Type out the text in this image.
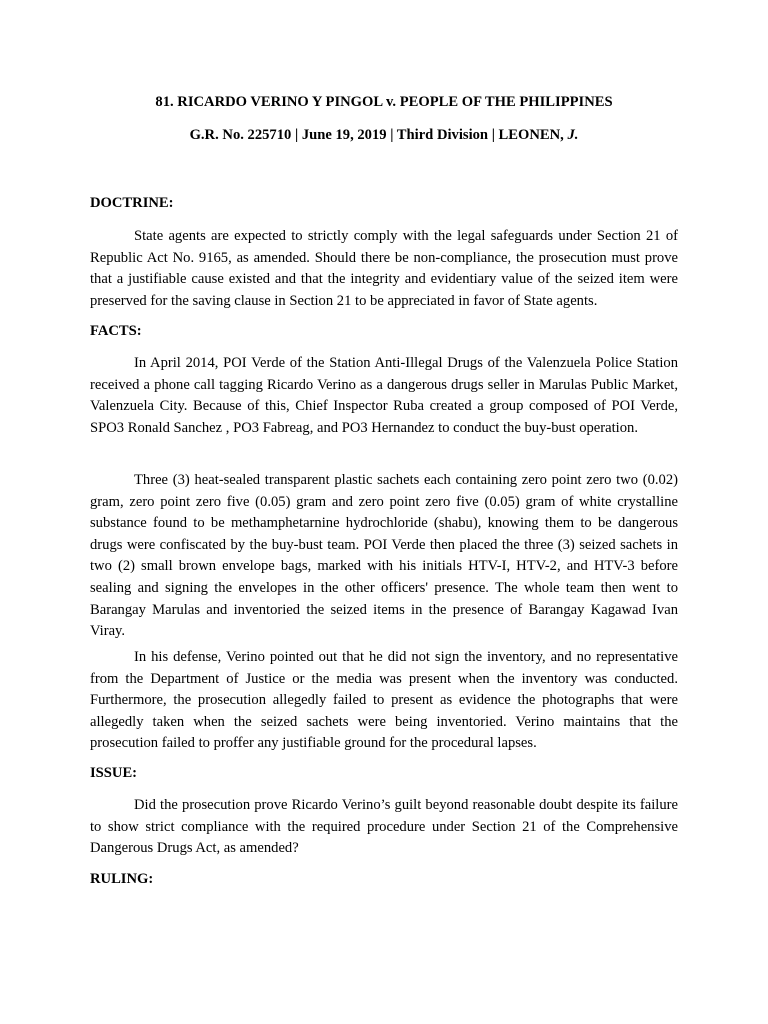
81. RICARDO VERINO Y PINGOL v. PEOPLE OF THE PHILIPPINES
G.R. No. 225710 | June 19, 2019 | Third Division | LEONEN, J.
DOCTRINE:

State agents are expected to strictly comply with the legal safeguards under Section 21 of Republic Act No. 9165, as amended. Should there be non-compliance, the prosecution must prove that a justifiable cause existed and that the integrity and evidentiary value of the seized item were preserved for the saving clause in Section 21 to be appreciated in favor of State agents.

FACTS:

In April 2014, POI Verde of the Station Anti-Illegal Drugs of the Valenzuela Police Station received a phone call tagging Ricardo Verino as a dangerous drugs seller in Marulas Public Market, Valenzuela City. Because of this, Chief Inspector Ruba created a group composed of POI Verde, SPO3 Ronald Sanchez , PO3 Fabreag, and PO3 Hernandez to conduct the buy-bust operation.

Three (3) heat-sealed transparent plastic sachets each containing zero point zero two (0.02) gram, zero point zero five (0.05) gram and zero point zero five (0.05) gram of white crystalline substance found to be methamphetarnine hydrochloride (shabu), knowing them to be dangerous drugs were confiscated by the buy-bust team. POI Verde then placed the three (3) seized sachets in two (2) small brown envelope bags, marked with his initials HTV-I, HTV-2, and HTV-3 before sealing and signing the envelopes in the other officers' presence. The whole team then went to Barangay Marulas and inventoried the seized items in the presence of Barangay Kagawad Ivan Viray.

In his defense, Verino pointed out that he did not sign the inventory, and no representative from the Department of Justice or the media was present when the inventory was conducted. Furthermore, the prosecution allegedly failed to present as evidence the photographs that were allegedly taken when the seized sachets were being inventoried. Verino maintains that the prosecution failed to proffer any justifiable ground for the procedural lapses.

ISSUE:

Did the prosecution prove Ricardo Verino’s guilt beyond reasonable doubt despite its failure to show strict compliance with the required procedure under Section 21 of the Comprehensive Dangerous Drugs Act, as amended?

RULING:
